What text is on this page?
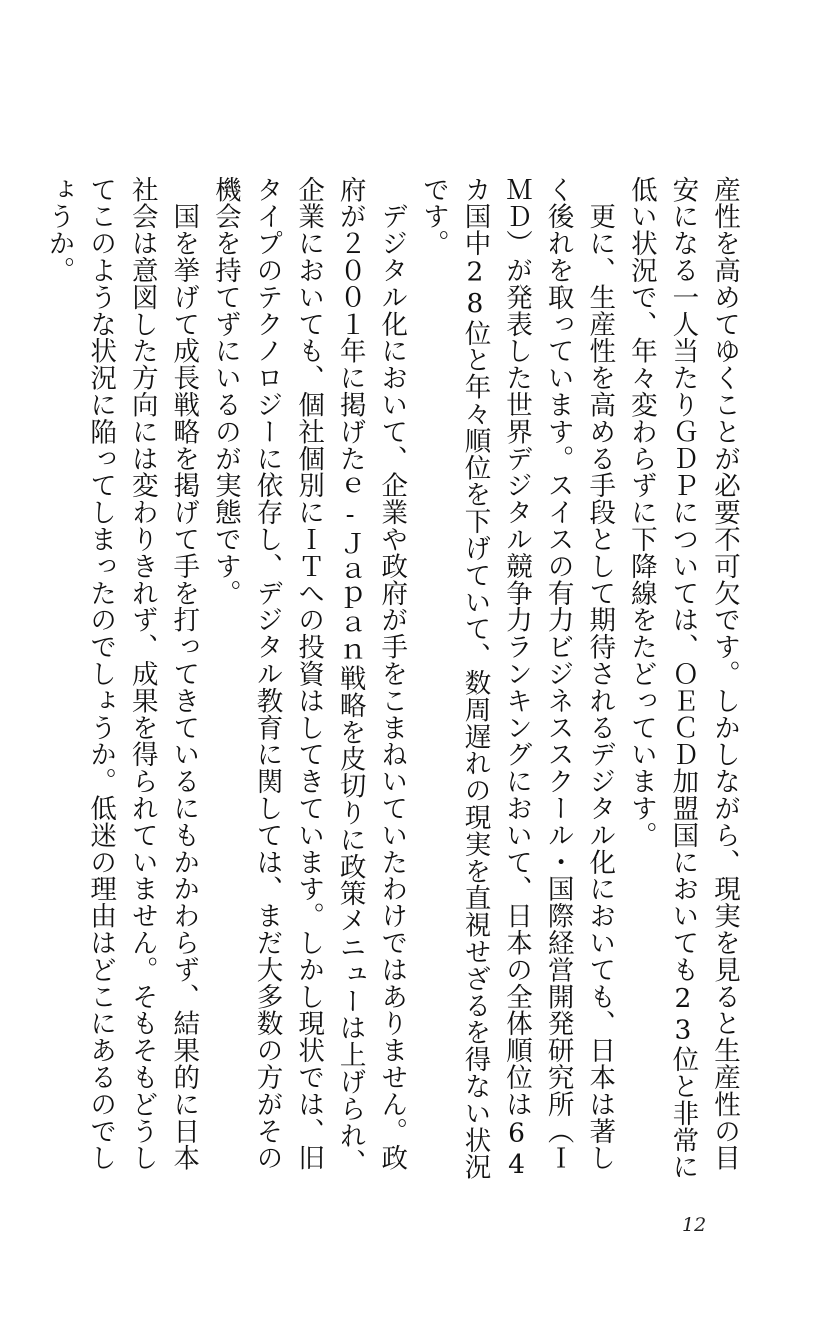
産性を高めてゆくことが必要不可欠です。しかしながら、現実を見ると生産性の目安になる一人当たりＧＤＰについては、ＯＥＣＤ加盟国においても23位と非常に低い状況で、年々変わらずに下降線をたどっています。

　更に、生産性を高める手段として期待されるデジタル化においても、日本は著しく後れを取っています。スイスの有力ビジネススクール・国際経営開発研究所（ＩＭＤ）が発表した世界デジタル競争力ランキングにおいて、日本の全体順位は64カ国中28位と年々順位を下げていて、数周遅れの現実を直視せざるを得ない状況です。

　デジタル化において、企業や政府が手をこまねいていたわけではありません。政府が２００１年に掲げたｅ‐Ｊａｐａｎ戦略を皮切りに政策メニューは上げられ、企業においても、個社個別にＩＴへの投資はしてきています。しかし現状では、旧タイプのテクノロジーに依存し、デジタル教育に関しては、まだ大多数の方がその機会を持てずにいるのが実態です。

　国を挙げて成長戦略を掲げて手を打ってきているにもかかわらず、結果的に日本社会は意図した方向には変わりきれず、成果を得られていません。そもそもどうしてこのような状況に陥ってしまったのでしょうか。低迷の理由はどこにあるのでしょうか。

12
